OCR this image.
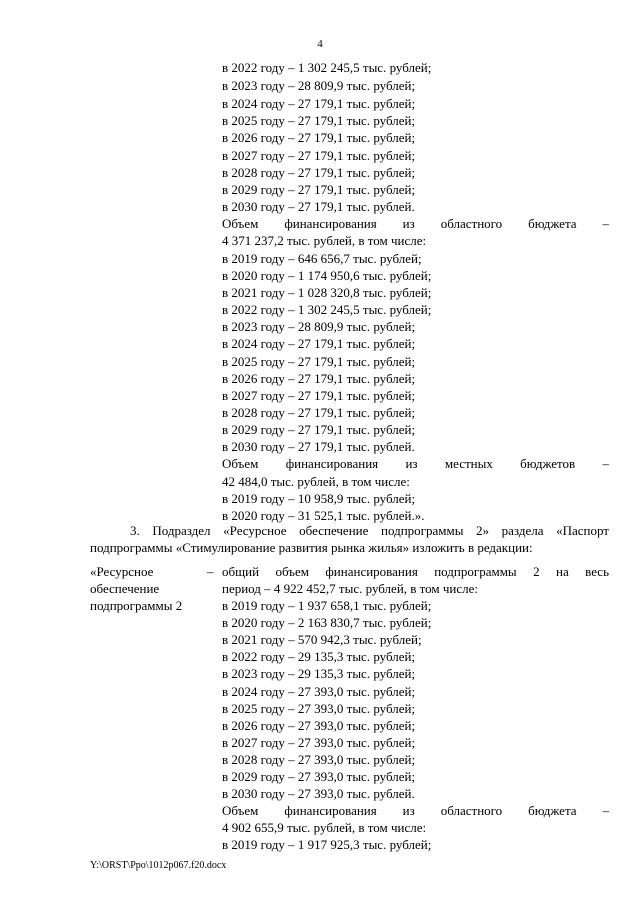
4
в 2022 году – 1 302 245,5 тыс. рублей;
в 2023 году – 28 809,9 тыс. рублей;
в 2024 году – 27 179,1 тыс. рублей;
в 2025 году – 27 179,1 тыс. рублей;
в 2026 году – 27 179,1 тыс. рублей;
в 2027 году – 27 179,1 тыс. рублей;
в 2028 году – 27 179,1 тыс. рублей;
в 2029 году – 27 179,1 тыс. рублей;
в 2030 году – 27 179,1 тыс. рублей.
Объем финансирования из областного бюджета –
4 371 237,2 тыс. рублей, в том числе:
в 2019 году – 646 656,7 тыс. рублей;
в 2020 году – 1 174 950,6 тыс. рублей;
в 2021 году – 1 028 320,8 тыс. рублей;
в 2022 году – 1 302 245,5 тыс. рублей;
в 2023 году – 28 809,9 тыс. рублей;
в 2024 году – 27 179,1 тыс. рублей;
в 2025 году – 27 179,1 тыс. рублей;
в 2026 году – 27 179,1 тыс. рублей;
в 2027 году – 27 179,1 тыс. рублей;
в 2028 году – 27 179,1 тыс. рублей;
в 2029 году – 27 179,1 тыс. рублей;
в 2030 году – 27 179,1 тыс. рублей.
Объем финансирования из местных бюджетов –
42 484,0 тыс. рублей, в том числе:
в 2019 году – 10 958,9 тыс. рублей;
в 2020 году – 31 525,1 тыс. рублей.».
3. Подраздел «Ресурсное обеспечение подпрограммы 2» раздела «Паспорт
подпрограммы «Стимулирование развития рынка жилья» изложить в редакции:
«Ресурсное
обеспечение
подпрограммы 2
– общий объем финансирования подпрограммы 2 на весь
период – 4 922 452,7 тыс. рублей, в том числе:
в 2019 году – 1 937 658,1 тыс. рублей;
в 2020 году – 2 163 830,7 тыс. рублей;
в 2021 году – 570 942,3 тыс. рублей;
в 2022 году – 29 135,3 тыс. рублей;
в 2023 году – 29 135,3 тыс. рублей;
в 2024 году – 27 393,0 тыс. рублей;
в 2025 году – 27 393,0 тыс. рублей;
в 2026 году – 27 393,0 тыс. рублей;
в 2027 году – 27 393,0 тыс. рублей;
в 2028 году – 27 393,0 тыс. рублей;
в 2029 году – 27 393,0 тыс. рублей;
в 2030 году – 27 393,0 тыс. рублей.
Объем финансирования из областного бюджета –
4 902 655,9 тыс. рублей, в том числе:
в 2019 году – 1 917 925,3 тыс. рублей;
Y:\ORST\Ppo\1012p067.f20.docx
